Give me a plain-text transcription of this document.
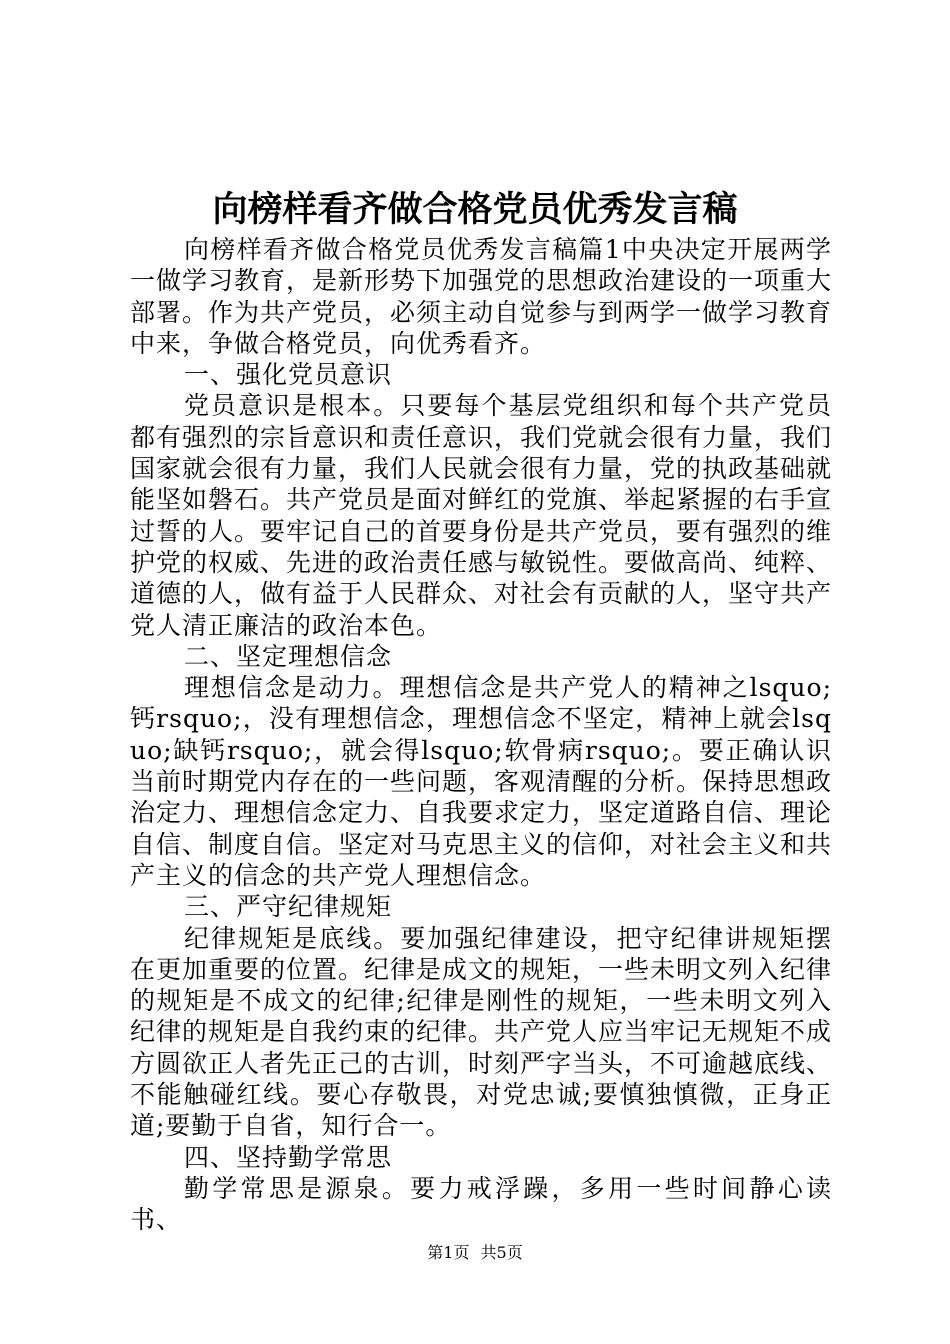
向榜样看齐做合格党员优秀发言稿

向榜样看齐做合格党员优秀发言稿篇1中央决定开展两学一做学习教育，是新形势下加强党的思想政治建设的一项重大部署。作为共产党员，必须主动自觉参与到两学一做学习教育中来，争做合格党员，向优秀看齐。

一、强化党员意识

党员意识是根本。只要每个基层党组织和每个共产党员都有强烈的宗旨意识和责任意识，我们党就会很有力量，我们国家就会很有力量，我们人民就会很有力量，党的执政基础就能坚如磐石。共产党员是面对鲜红的党旗、举起紧握的右手宣过誓的人。要牢记自己的首要身份是共产党员，要有强烈的维护党的权威、先进的政治责任感与敏锐性。要做高尚、纯粹、道德的人，做有益于人民群众、对社会有贡献的人，坚守共产党人清正廉洁的政治本色。

二、坚定理想信念

理想信念是动力。理想信念是共产党人的精神之lsquo;钙rsquo;，没有理想信念，理想信念不坚定，精神上就会lsquo;缺钙rsquo;，就会得lsquo;软骨病rsquo;。要正确认识当前时期党内存在的一些问题，客观清醒的分析。保持思想政治定力、理想信念定力、自我要求定力，坚定道路自信、理论自信、制度自信。坚定对马克思主义的信仰，对社会主义和共产主义的信念的共产党人理想信念。

三、严守纪律规矩

纪律规矩是底线。要加强纪律建设，把守纪律讲规矩摆在更加重要的位置。纪律是成文的规矩，一些未明文列入纪律的规矩是不成文的纪律;纪律是刚性的规矩，一些未明文列入纪律的规矩是自我约束的纪律。共产党人应当牢记无规矩不成方圆欲正人者先正己的古训，时刻严字当头，不可逾越底线、不能触碰红线。要心存敬畏，对党忠诚;要慎独慎微，正身正道;要勤于自省，知行合一。

四、坚持勤学常思

勤学常思是源泉。要力戒浮躁，多用一些时间静心读书、

第1页 共5页
